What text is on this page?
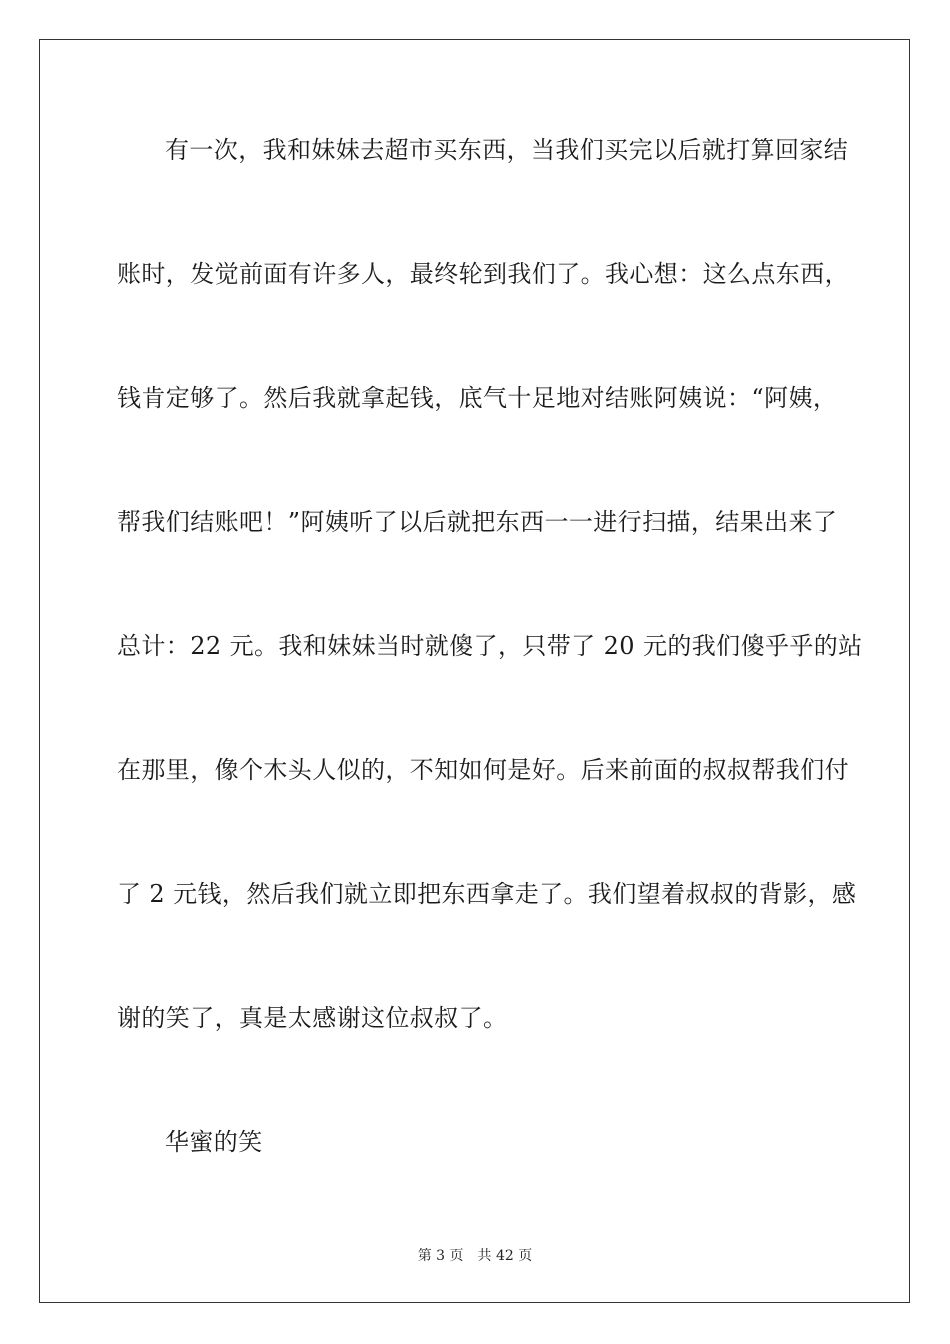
有一次，我和妹妹去超市买东西，当我们买完以后就打算回家结
账时，发觉前面有许多人，最终轮到我们了。我心想：这么点东西，
钱肯定够了。然后我就拿起钱，底气十足地对结账阿姨说：“阿姨，
帮我们结账吧！”阿姨听了以后就把东西一一进行扫描，结果出来了
总计：22 元。我和妹妹当时就傻了，只带了 20 元的我们傻乎乎的站
在那里，像个木头人似的，不知如何是好。后来前面的叔叔帮我们付
了 2 元钱，然后我们就立即把东西拿走了。我们望着叔叔的背影，感
谢的笑了，真是太感谢这位叔叔了。
华蜜的笑
第 3 页 共 42 页
